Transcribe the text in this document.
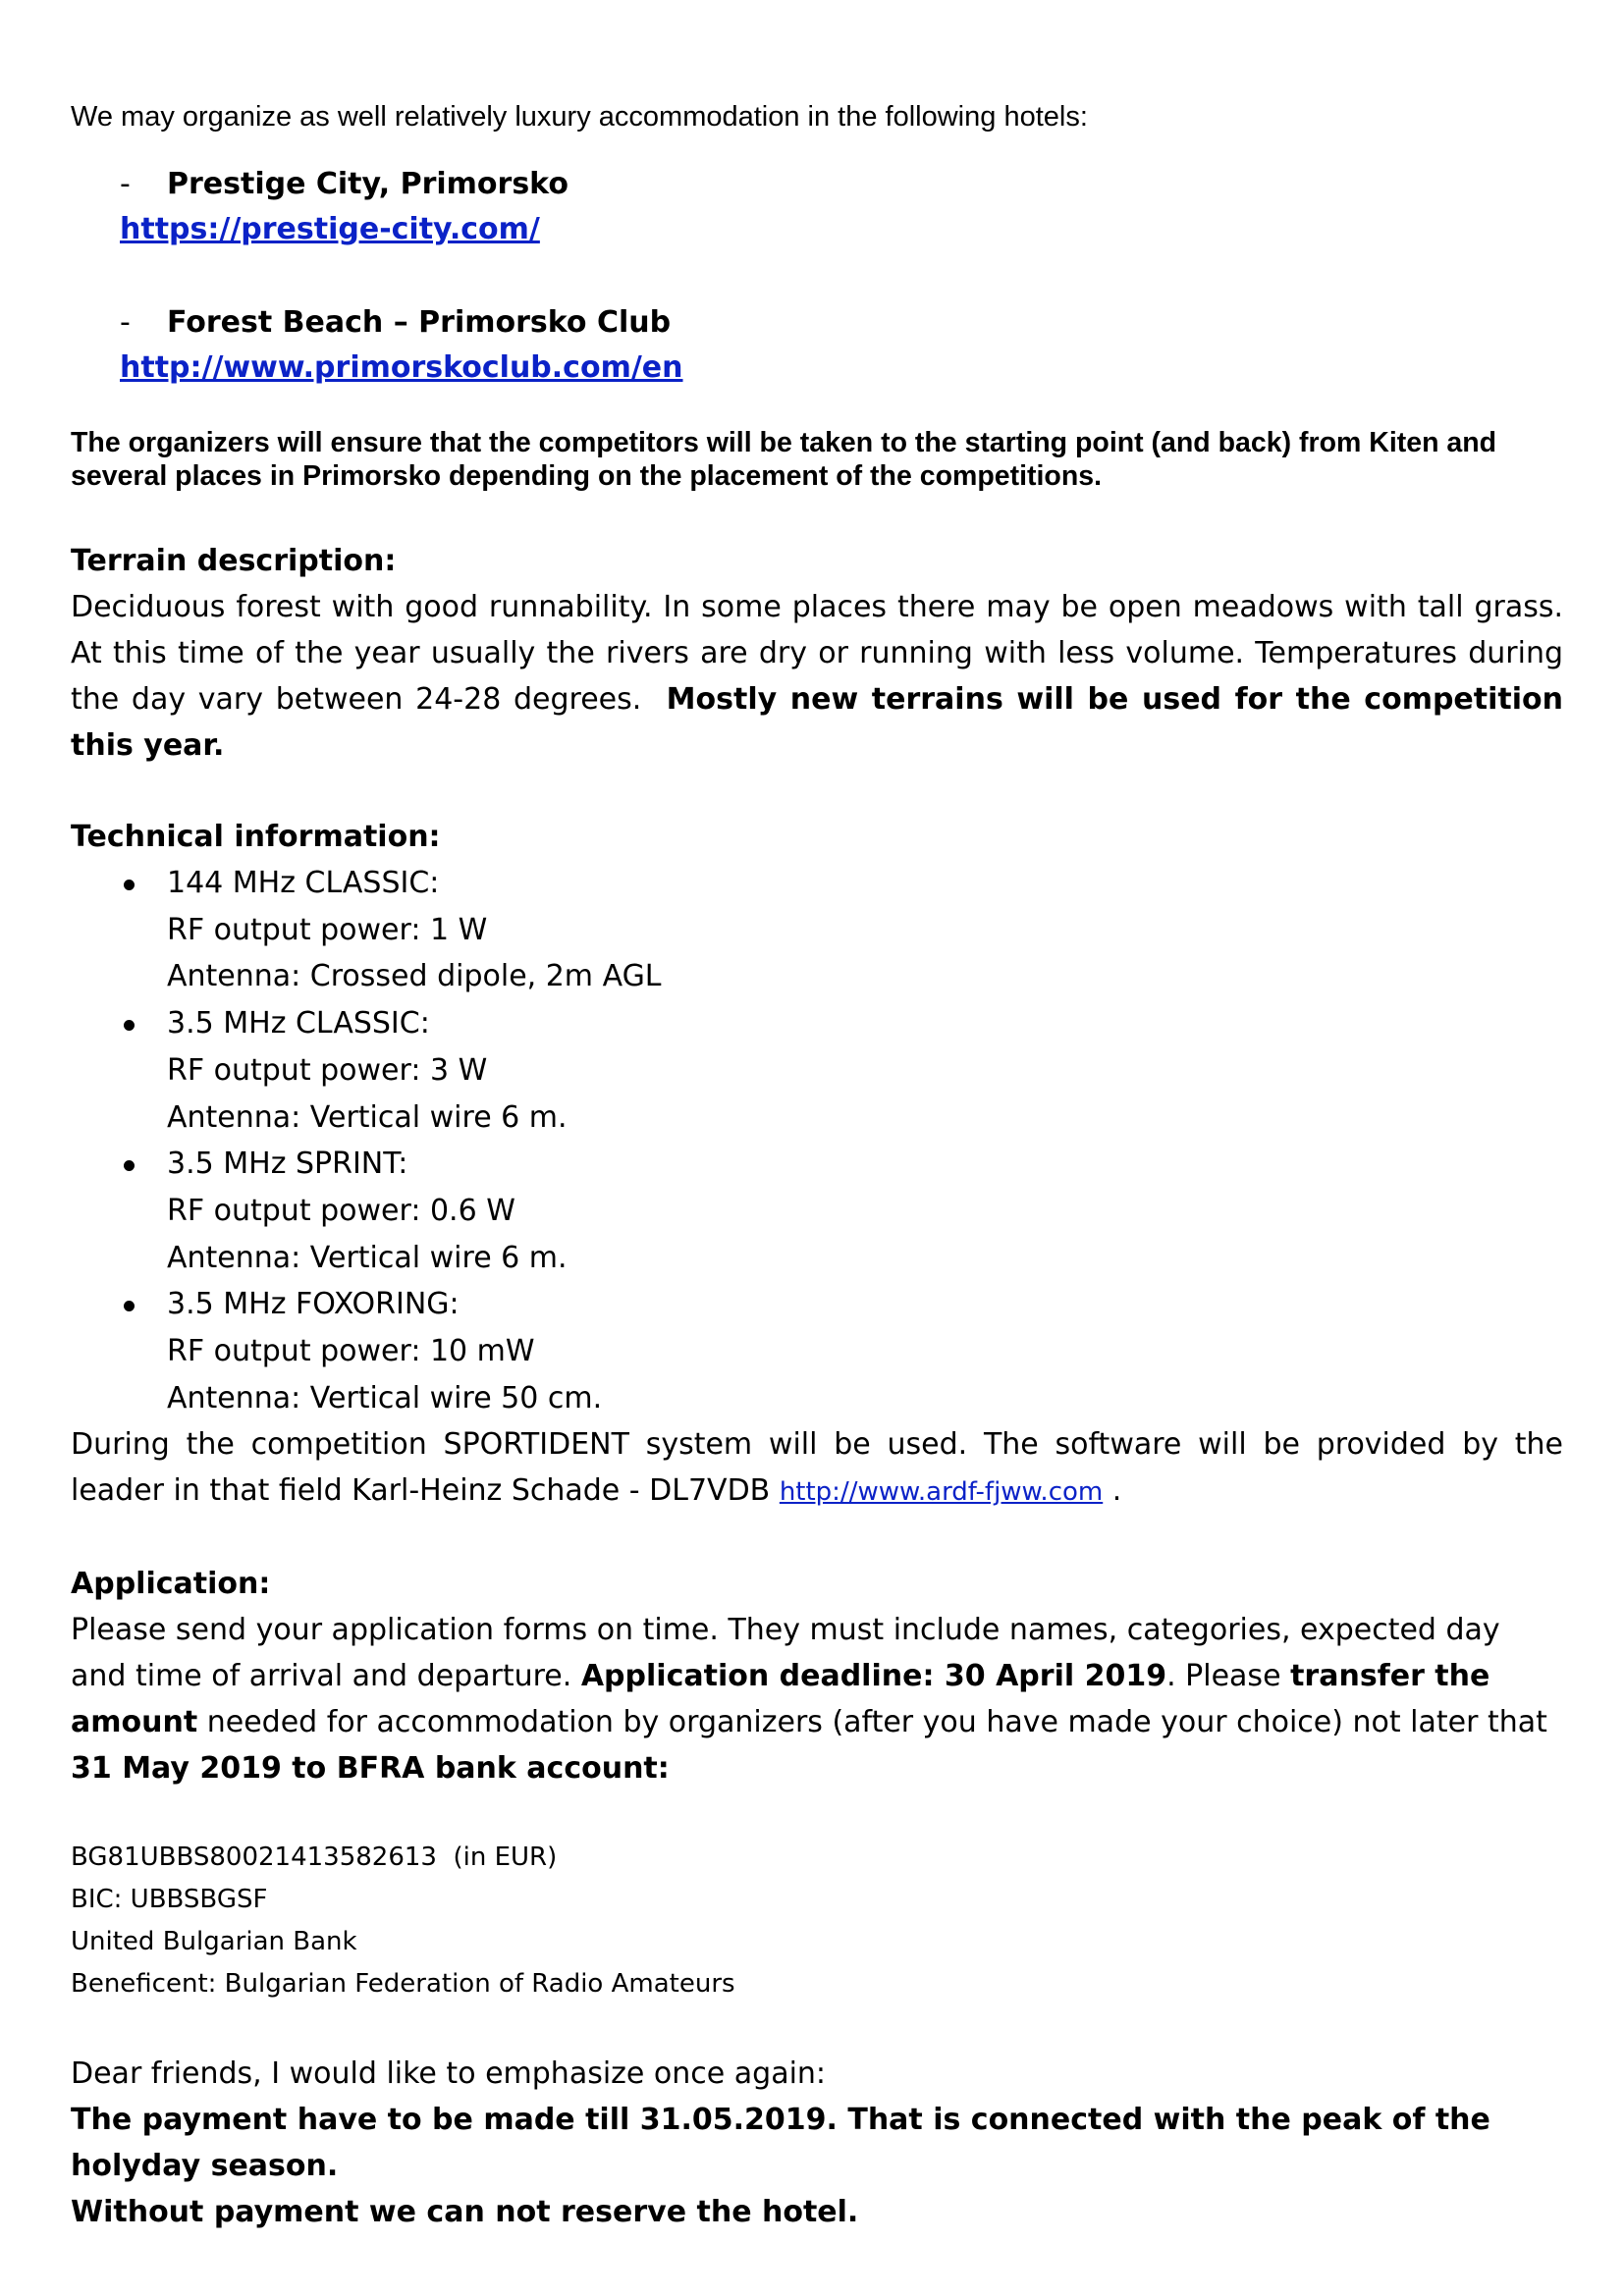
We may organize as well relatively luxury accommodation in the following hotels:

- Prestige City, Primorsko

https://prestige-city.com/

- Forest Beach – Primorsko Club

http://www.primorskoclub.com/en

The organizers will ensure that the competitors will be taken to the starting point (and back) from Kiten and several places in Primorsko depending on the placement of the competitions.

Terrain description:

Deciduous forest with good runnability. In some places there may be open meadows with tall grass. At this time of the year usually the rivers are dry or running with less volume. Temperatures during the day vary between 24-28 degrees. Mostly new terrains will be used for the competition this year.

Technical information:

144 MHz CLASSIC:
RF output power: 1 W
Antenna: Crossed dipole, 2m AGL
3.5 MHz CLASSIC:
RF output power: 3 W
Antenna: Vertical wire 6 m.
3.5 MHz SPRINT:
RF output power: 0.6 W
Antenna: Vertical wire 6 m.
3.5 MHz FOXORING:
RF output power: 10 mW
Antenna: Vertical wire 50 cm.

During the competition SPORTIDENT system will be used. The software will be provided by the leader in that field Karl-Heinz Schade - DL7VDB http://www.ardf-fjww.com .

Application:

Please send your application forms on time. They must include names, categories, expected day and time of arrival and departure. Application deadline: 30 April 2019. Please transfer the amount needed for accommodation by organizers (after you have made your choice) not later that 31 May 2019 to BFRA bank account:

BG81UBBS80021413582613  (in EUR)

BIC: UBBSBGSF

United Bulgarian Bank

Beneficent: Bulgarian Federation of Radio Amateurs

Dear friends, I would like to emphasize once again:

The payment have to be made till 31.05.2019. That is connected with the peak of the holyday season.

Without payment we can not reserve the hotel.
